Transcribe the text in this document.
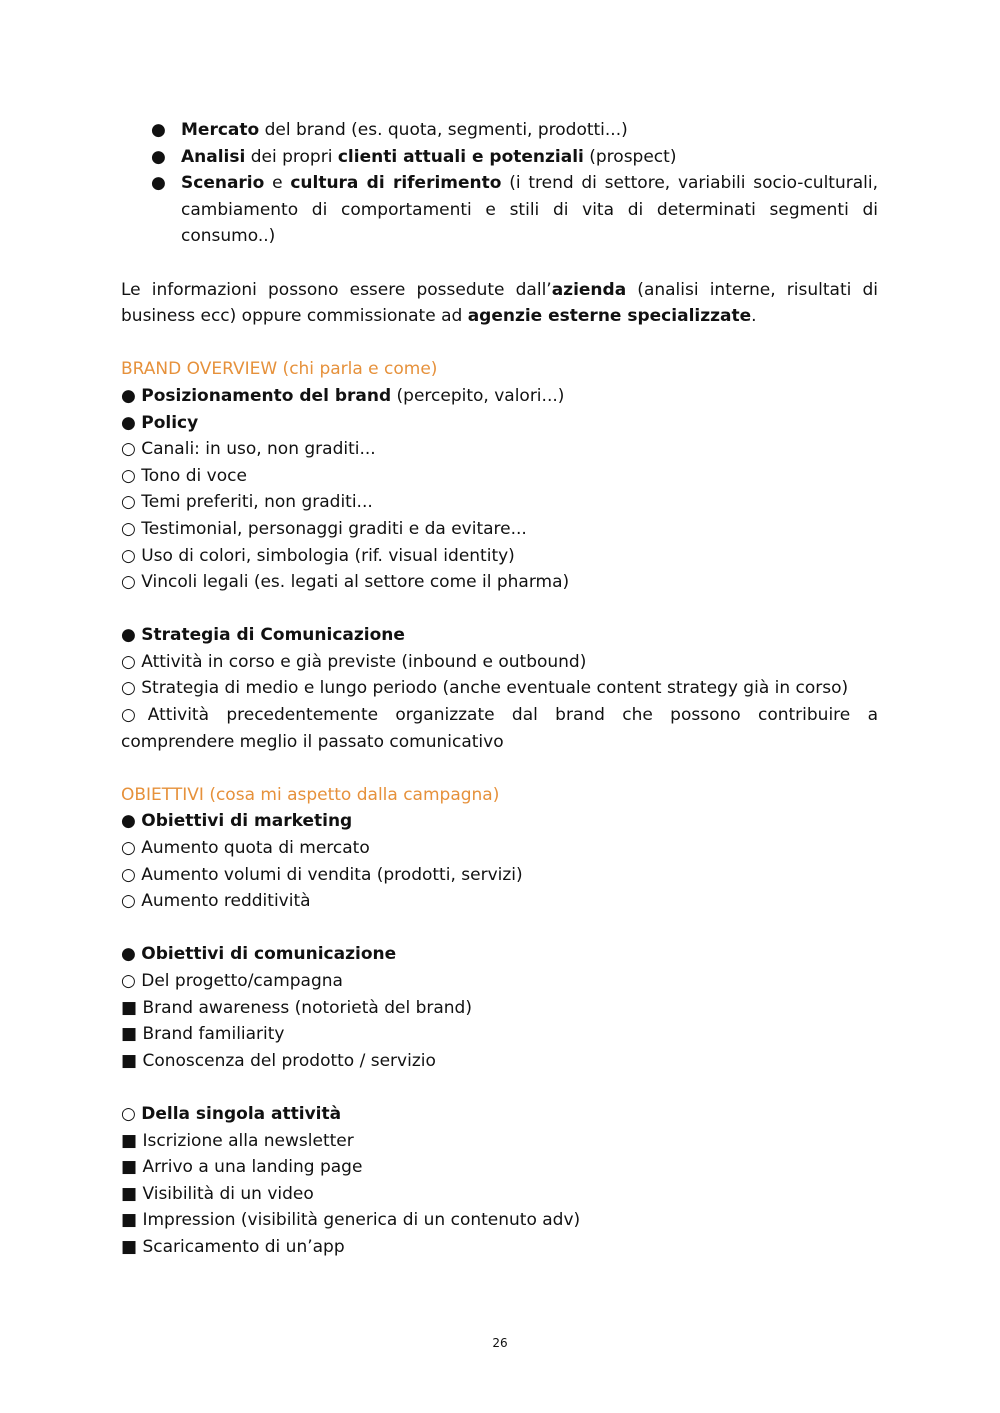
● Mercato del brand (es. quota, segmenti, prodotti...)
● Analisi dei propri clienti attuali e potenziali (prospect)
● Scenario e cultura di riferimento (i trend di settore, variabili socio-culturali, cambiamento di comportamenti e stili di vita di determinati segmenti di consumo..)

Le informazioni possono essere possedute dall’azienda (analisi interne, risultati di business ecc) oppure commissionate ad agenzie esterne specializzate.

BRAND OVERVIEW (chi parla e come)
● Posizionamento del brand (percepito, valori...)
● Policy
○ Canali: in uso, non graditi...
○ Tono di voce
○ Temi preferiti, non graditi...
○ Testimonial, personaggi graditi e da evitare...
○ Uso di colori, simbologia (rif. visual identity)
○ Vincoli legali (es. legati al settore come il pharma)
● Strategia di Comunicazione
○ Attività in corso e già previste (inbound e outbound)
○ Strategia di medio e lungo periodo (anche eventuale content strategy già in corso)
○Attività precedentemente organizzate dal brand che possono contribuire a comprendere meglio il passato comunicativo
OBIETTIVI (cosa mi aspetto dalla campagna)
● Obiettivi di marketing
○ Aumento quota di mercato
○ Aumento volumi di vendita (prodotti, servizi)
○ Aumento redditività
● Obiettivi di comunicazione
○ Del progetto/campagna
■ Brand awareness (notorietà del brand)
■ Brand familiarity
■ Conoscenza del prodotto / servizio
○ Della singola attività
■ Iscrizione alla newsletter
■ Arrivo a una landing page
■ Visibilità di un video
■ Impression (visibilità generica di un contenuto adv)
■ Scaricamento di un’app
26
